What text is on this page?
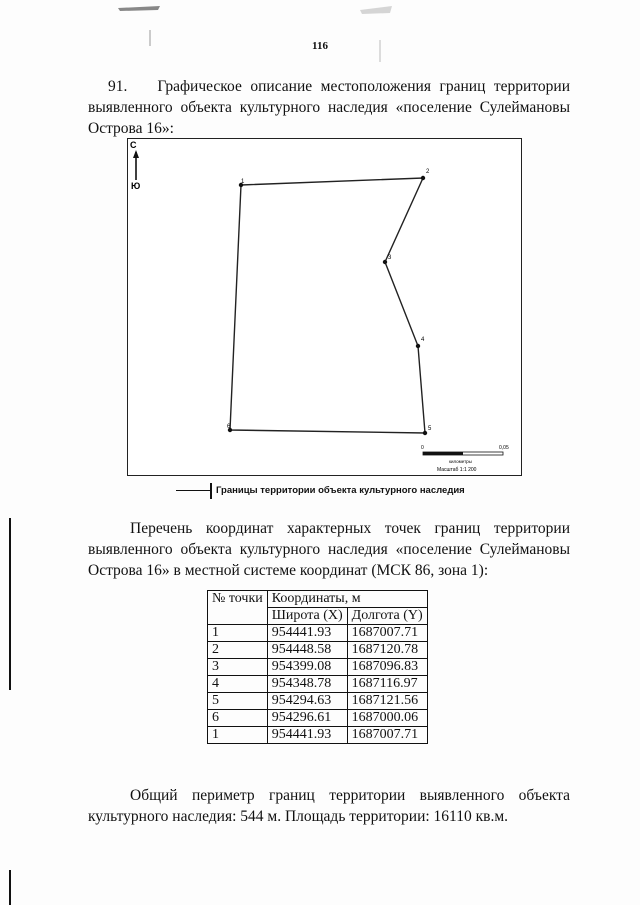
116
91. Графическое описание местоположения границ территории выявленного объекта культурного наследия «поселение Сулеймановы Острова 16»:
С
Ю	1
2
3
4
5
6
0	0,05
километры
Масштаб 1:1 200
Границы территории объекта культурного наследия
Перечень координат характерных точек границ территории выявленного объекта культурного наследия «поселение Сулеймановы Острова 16» в местной системе координат (МСК 86, зона 1):
№ точки	Координаты, м	
	Широта (X)	Долгота (Y)
1	954441.93	1687007.71
2	954448.58	1687120.78
3	954399.08	1687096.83
4	954348.78	1687116.97
5	954294.63	1687121.56
6	954296.61	1687000.06
1	954441.93	1687007.71
Общий периметр границ территории выявленного объекта культурного наследия: 544 м. Площадь территории: 16110 кв.м.
